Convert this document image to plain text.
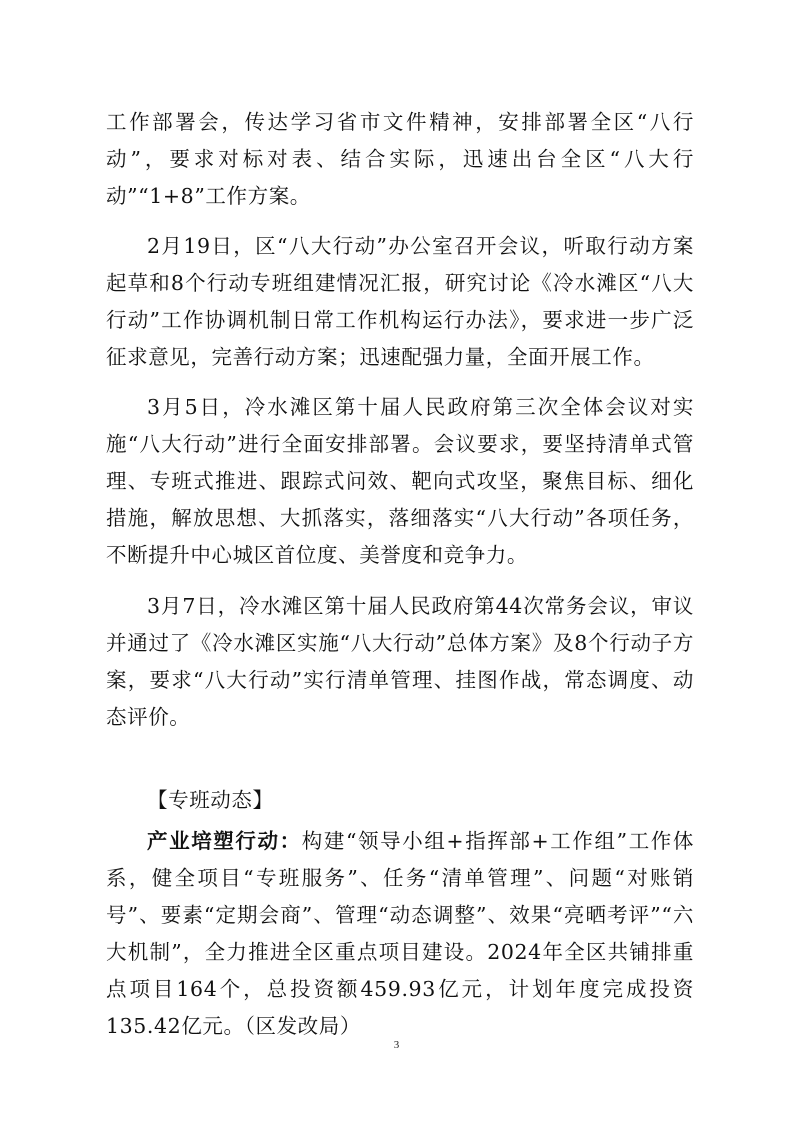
工作部署会，传达学习省市文件精神，安排部署全区“八行动”，要求对标对表、结合实际，迅速出台全区“八大行动”“1+8”工作方案。

2月19日，区“八大行动”办公室召开会议，听取行动方案起草和8个行动专班组建情况汇报，研究讨论《冷水滩区“八大行动”工作协调机制日常工作机构运行办法》，要求进一步广泛征求意见，完善行动方案；迅速配强力量，全面开展工作。

3月5日，冷水滩区第十届人民政府第三次全体会议对实施“八大行动”进行全面安排部署。会议要求，要坚持清单式管理、专班式推进、跟踪式问效、靶向式攻坚，聚焦目标、细化措施，解放思想、大抓落实，落细落实“八大行动”各项任务，不断提升中心城区首位度、美誉度和竞争力。

3月7日，冷水滩区第十届人民政府第44次常务会议，审议并通过了《冷水滩区实施“八大行动”总体方案》及8个行动子方案，要求“八大行动”实行清单管理、挂图作战，常态调度、动态评价。

【专班动态】

产业培塑行动：构建“领导小组+指挥部+工作组”工作体系，健全项目“专班服务”、任务“清单管理”、问题“对账销号”、要素“定期会商”、管理“动态调整”、效果“亮晒考评”“六大机制”，全力推进全区重点项目建设。2024年全区共铺排重点项目164个，总投资额459.93亿元，计划年度完成投资135.42亿元。（区发改局）

3
